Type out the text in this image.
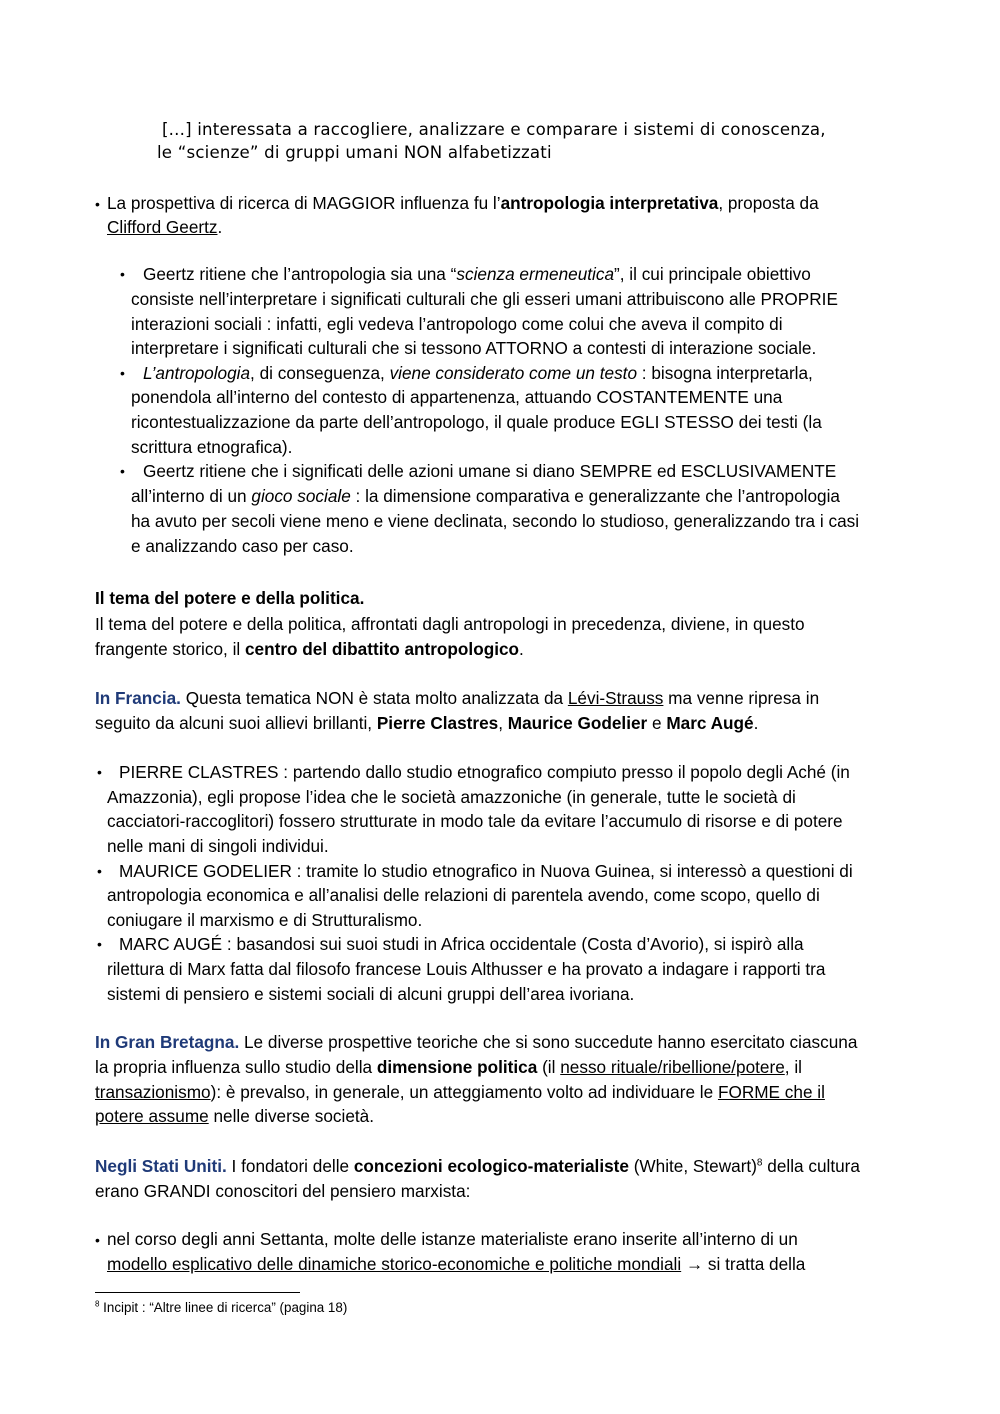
[...] interessata a raccogliere, analizzare e comparare i sistemi di conoscenza,
le “scienze” di gruppi umani NON alfabetizzati
• La prospettiva di ricerca di MAGGIOR influenza fu l’antropologia interpretativa, proposta da
Clifford Geertz.
• Geertz ritiene che l’antropologia sia una “scienza ermeneutica”, il cui principale obiettivo
consiste nell’interpretare i significati culturali che gli esseri umani attribuiscono alle PROPRIE
interazioni sociali : infatti, egli vedeva l’antropologo come colui che aveva il compito di
interpretare i significati culturali che si tessono ATTORNO a contesti di interazione sociale.
• L’antropologia, di conseguenza, viene considerato come un testo : bisogna interpretarla,
ponendola all’interno del contesto di appartenenza, attuando COSTANTEMENTE una
ricontestualizzazione da parte dell’antropologo, il quale produce EGLI STESSO dei testi (la
scrittura etnografica).
• Geertz ritiene che i significati delle azioni umane si diano SEMPRE ed ESCLUSIVAMENTE
all’interno di un gioco sociale : la dimensione comparativa e generalizzante che l’antropologia
ha avuto per secoli viene meno e viene declinata, secondo lo studioso, generalizzando tra i casi
e analizzando caso per caso.
Il tema del potere e della politica.
Il tema del potere e della politica, affrontati dagli antropologi in precedenza, diviene, in questo
frangente storico, il centro del dibattito antropologico.
In Francia. Questa tematica NON è stata molto analizzata da Lévi-Strauss ma venne ripresa in
seguito da alcuni suoi allievi brillanti, Pierre Clastres, Maurice Godelier e Marc Augé.
• PIERRE CLASTRES : partendo dallo studio etnografico compiuto presso il popolo degli Aché (in
Amazzonia), egli propose l’idea che le società amazzoniche (in generale, tutte le società di
cacciatori-raccoglitori) fossero strutturate in modo tale da evitare l’accumulo di risorse e di potere
nelle mani di singoli individui.
• MAURICE GODELIER : tramite lo studio etnografico in Nuova Guinea, si interessò a questioni di
antropologia economica e all’analisi delle relazioni di parentela avendo, come scopo, quello di
coniugare il marxismo e di Strutturalismo.
• MARC AUGÉ : basandosi sui suoi studi in Africa occidentale (Costa d’Avorio), si ispirò alla
rilettura di Marx fatta dal filosofo francese Louis Althusser e ha provato a indagare i rapporti tra
sistemi di pensiero e sistemi sociali di alcuni gruppi dell’area ivoriana.
In Gran Bretagna. Le diverse prospettive teoriche che si sono succedute hanno esercitato ciascuna
la propria influenza sullo studio della dimensione politica (il nesso rituale/ribellione/potere, il
transazionismo): è prevalso, in generale, un atteggiamento volto ad individuare le FORME che il
potere assume nelle diverse società.
Negli Stati Uniti. I fondatori delle concezioni ecologico-materialiste (White, Stewart)$^8$ della cultura
erano GRANDI conoscitori del pensiero marxista:
• nel corso degli anni Settanta, molte delle istanze materialiste erano inserite all’interno di un
modello esplicativo delle dinamiche storico-economiche e politiche mondiali → si tratta della
$^8$ Incipit : “Altre linee di ricerca” (pagina 18)
